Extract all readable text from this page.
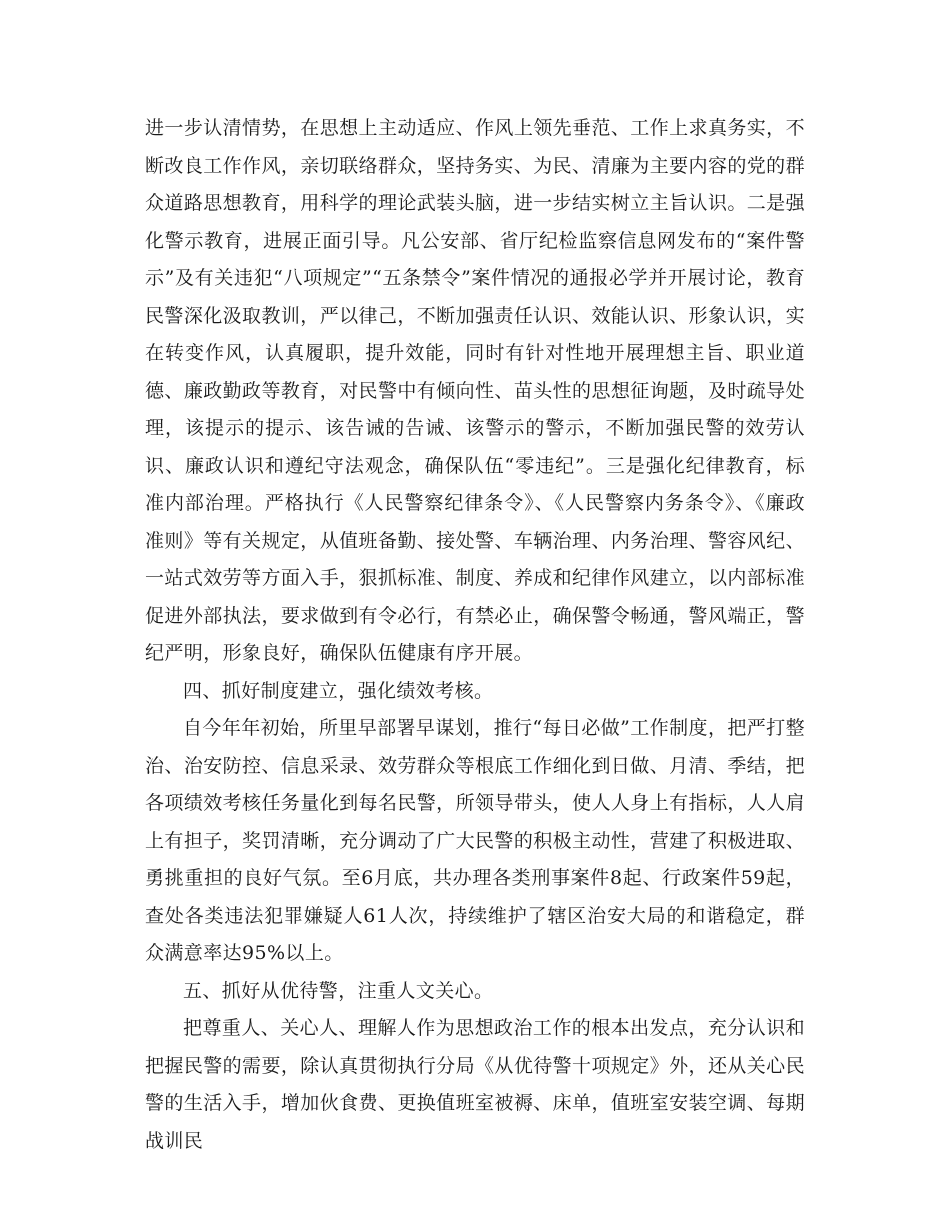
进一步认清情势，在思想上主动适应、作风上领先垂范、工作上求真务实，不断改良工作作风，亲切联络群众，坚持务实、为民、清廉为主要内容的党的群众道路思想教育，用科学的理论武装头脑，进一步结实树立主旨认识。二是强化警示教育，进展正面引导。凡公安部、省厅纪检监察信息网发布的“案件警示”及有关违犯“八项规定”“五条禁令”案件情况的通报必学并开展讨论，教育民警深化汲取教训，严以律己，不断加强责任认识、效能认识、形象认识，实在转变作风，认真履职，提升效能，同时有针对性地开展理想主旨、职业道德、廉政勤政等教育，对民警中有倾向性、苗头性的思想征询题，及时疏导处理，该提示的提示、该告诫的告诫、该警示的警示，不断加强民警的效劳认识、廉政认识和遵纪守法观念，确保队伍“零违纪”。三是强化纪律教育，标准内部治理。严格执行《人民警察纪律条令》、《人民警察内务条令》、《廉政准则》等有关规定，从值班备勤、接处警、车辆治理、内务治理、警容风纪、一站式效劳等方面入手，狠抓标准、制度、养成和纪律作风建立，以内部标准促进外部执法，要求做到有令必行，有禁必止，确保警令畅通，警风端正，警纪严明，形象良好，确保队伍健康有序开展。

四、抓好制度建立，强化绩效考核。

自今年年初始，所里早部署早谋划，推行“每日必做”工作制度，把严打整治、治安防控、信息采录、效劳群众等根底工作细化到日做、月清、季结，把各项绩效考核任务量化到每名民警，所领导带头，使人人身上有指标，人人肩上有担子，奖罚清晰，充分调动了广大民警的积极主动性，营建了积极进取、勇挑重担的良好气氛。至6月底，共办理各类刑事案件8起、行政案件59起，查处各类违法犯罪嫌疑人61人次，持续维护了辖区治安大局的和谐稳定，群众满意率达95%以上。

五、抓好从优待警，注重人文关心。

把尊重人、关心人、理解人作为思想政治工作的根本出发点，充分认识和把握民警的需要，除认真贯彻执行分局《从优待警十项规定》外，还从关心民警的生活入手，增加伙食费、更换值班室被褥、床单，值班室安装空调、每期战训民
